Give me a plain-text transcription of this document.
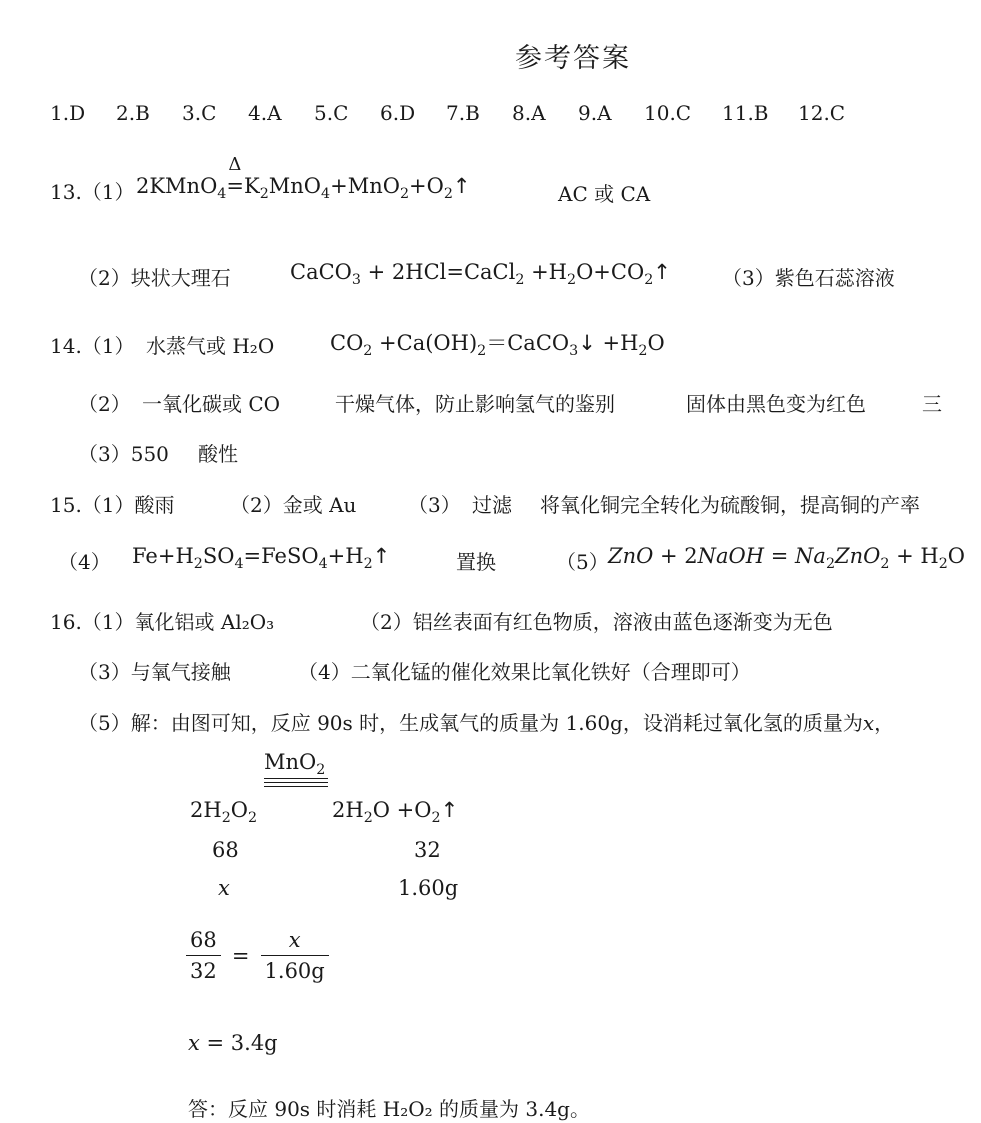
参考答案
1.D 2.B 3.C 4.A 5.C 6.D 7.B 8.A 9.A 10.C 11.B 12.C
13.（1） 2KMnO$_4$
Δ
$=K_2MnO_4+MnO_2+O_2↑$	AC 或 CA
（2）块状大理石	CaCO$_3$ + 2HCl=CaCl$_2$ $+H_2O+CO_2↑$	（3）紫色石蕊溶液
14.（1） 水蒸气或 H₂O	$CO_2$ $+Ca(OH)_2=CaCO_3↓ +H_2O$
（2） 一氧化碳或 CO	干燥气体，防止影响氢气的鉴别	固体由黑色变为红色	三
（3）550 酸性
15.（1）酸雨	（2）金或 Au	（3） 过滤 将氧化铜完全转化为硫酸铜，提高铜的产率
（4） $Fe+H_2SO_4=FeSO_4+H_2↑$	置换	（5） ZnO + 2NaOH = $Na_2ZnO_2 + H_2O$
16.（1）氧化铝或 Al₂O₃	（2）铝丝表面有红色物质，溶液由蓝色逐渐变为无色
（3）与氧气接触	（4）二氧化锰的催化效果比氧化铁好（合理即可）
（5）解：由图可知，反应 90s 时，生成氧气的质量为 1.60g，设消耗过氧化氢的质量为x，
MnO$_2$
$2H_2O_2$	$2H_2O$ $+O_2↑$
68	32
x	1.60g
$\frac{68}{32} = \frac{x}{1.60g}$
x = 3.4g
答：反应 90s 时消耗 H₂O₂ 的质量为 3.4g。
